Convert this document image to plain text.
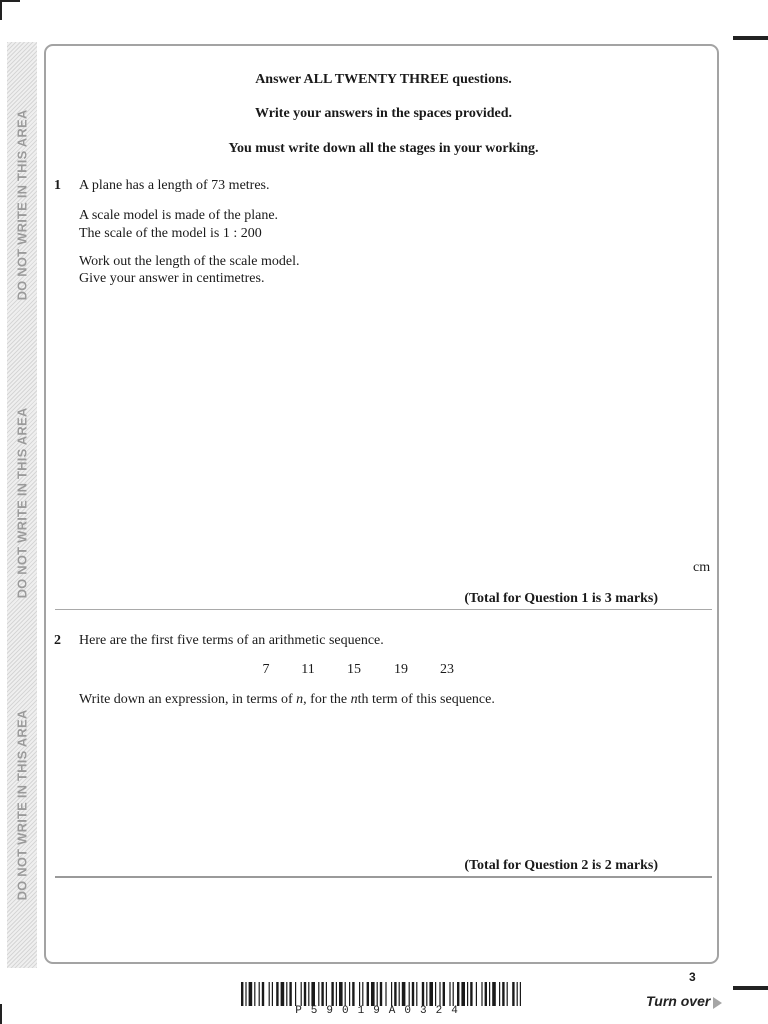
DO NOT WRITE IN THIS AREA
DO NOT WRITE IN THIS AREA
DO NOT WRITE IN THIS AREA
Answer ALL TWENTY THREE questions.
Write your answers in the spaces provided.
You must write down all the stages in your working.
1 A plane has a length of 73 metres.
A scale model is made of the plane.
The scale of the model is 1 : 200
Work out the length of the scale model.
Give your answer in centimetres.
cm
(Total for Question 1 is 3 marks)
2 Here are the first five terms of an arithmetic sequence.
7	11	15	19	23
Write down an expression, in terms of n, for the nth term of this sequence.
(Total for Question 2 is 2 marks)
3
P59019A0324
Turn over
